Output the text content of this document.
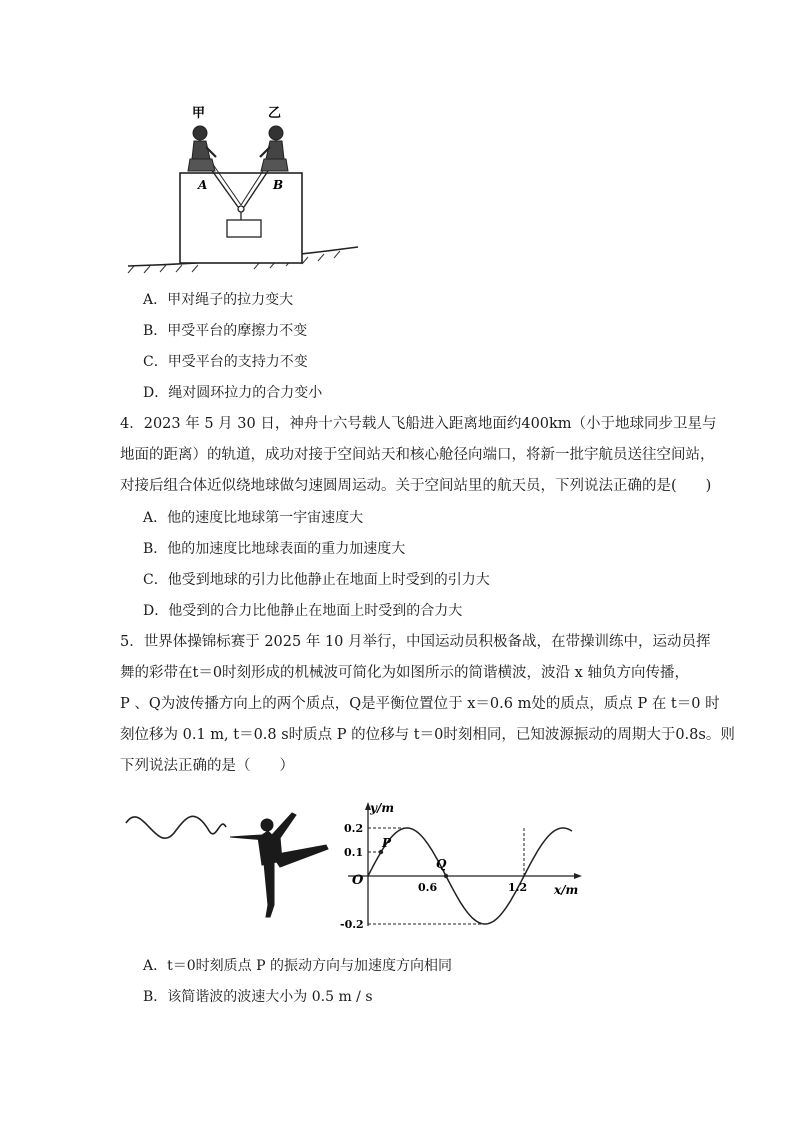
甲	乙
A	B
A．甲对绳子的拉力变大
B．甲受平台的摩擦力不变
C．甲受平台的支持力不变
D．绳对圆环拉力的合力变小

4．2023 年 5 月 30 日，神舟十六号载人飞船进入距离地面约400km（小于地球同步卫星与

地面的距离）的轨道，成功对接于空间站天和核心舱径向端口，将新一批宇航员送往空间站，

对接后组合体近似绕地球做匀速圆周运动。关于空间站里的航天员，下列说法正确的是(　　)

A．他的速度比地球第一宇宙速度大
B．他的加速度比地球表面的重力加速度大
C．他受到地球的引力比他静止在地面上时受到的引力大
D．他受到的合力比他静止在地面上时受到的合力大

5．世界体操锦标赛于 2025 年 10 月举行，中国运动员积极备战，在带操训练中，运动员挥

舞的彩带在t＝0时刻形成的机械波可简化为如图所示的简谐横波，波沿 x 轴负方向传播，

P 、Q为波传播方向上的两个质点，Q是平衡位置位于 x＝0.6 m处的质点，质点 P 在 t＝0 时

刻位移为 0.1 m, t＝0.8 s时质点 P 的位移与 t＝0时刻相同，已知波源振动的周期大于0.8s。则

下列说法正确的是（　　）

y/m
x/m
O
P
Q
0.2
0.1
-0.2
0.6	1.2
A．t＝0时刻质点 P 的振动方向与加速度方向相同
B．该简谐波的波速大小为 0.5 m / s
